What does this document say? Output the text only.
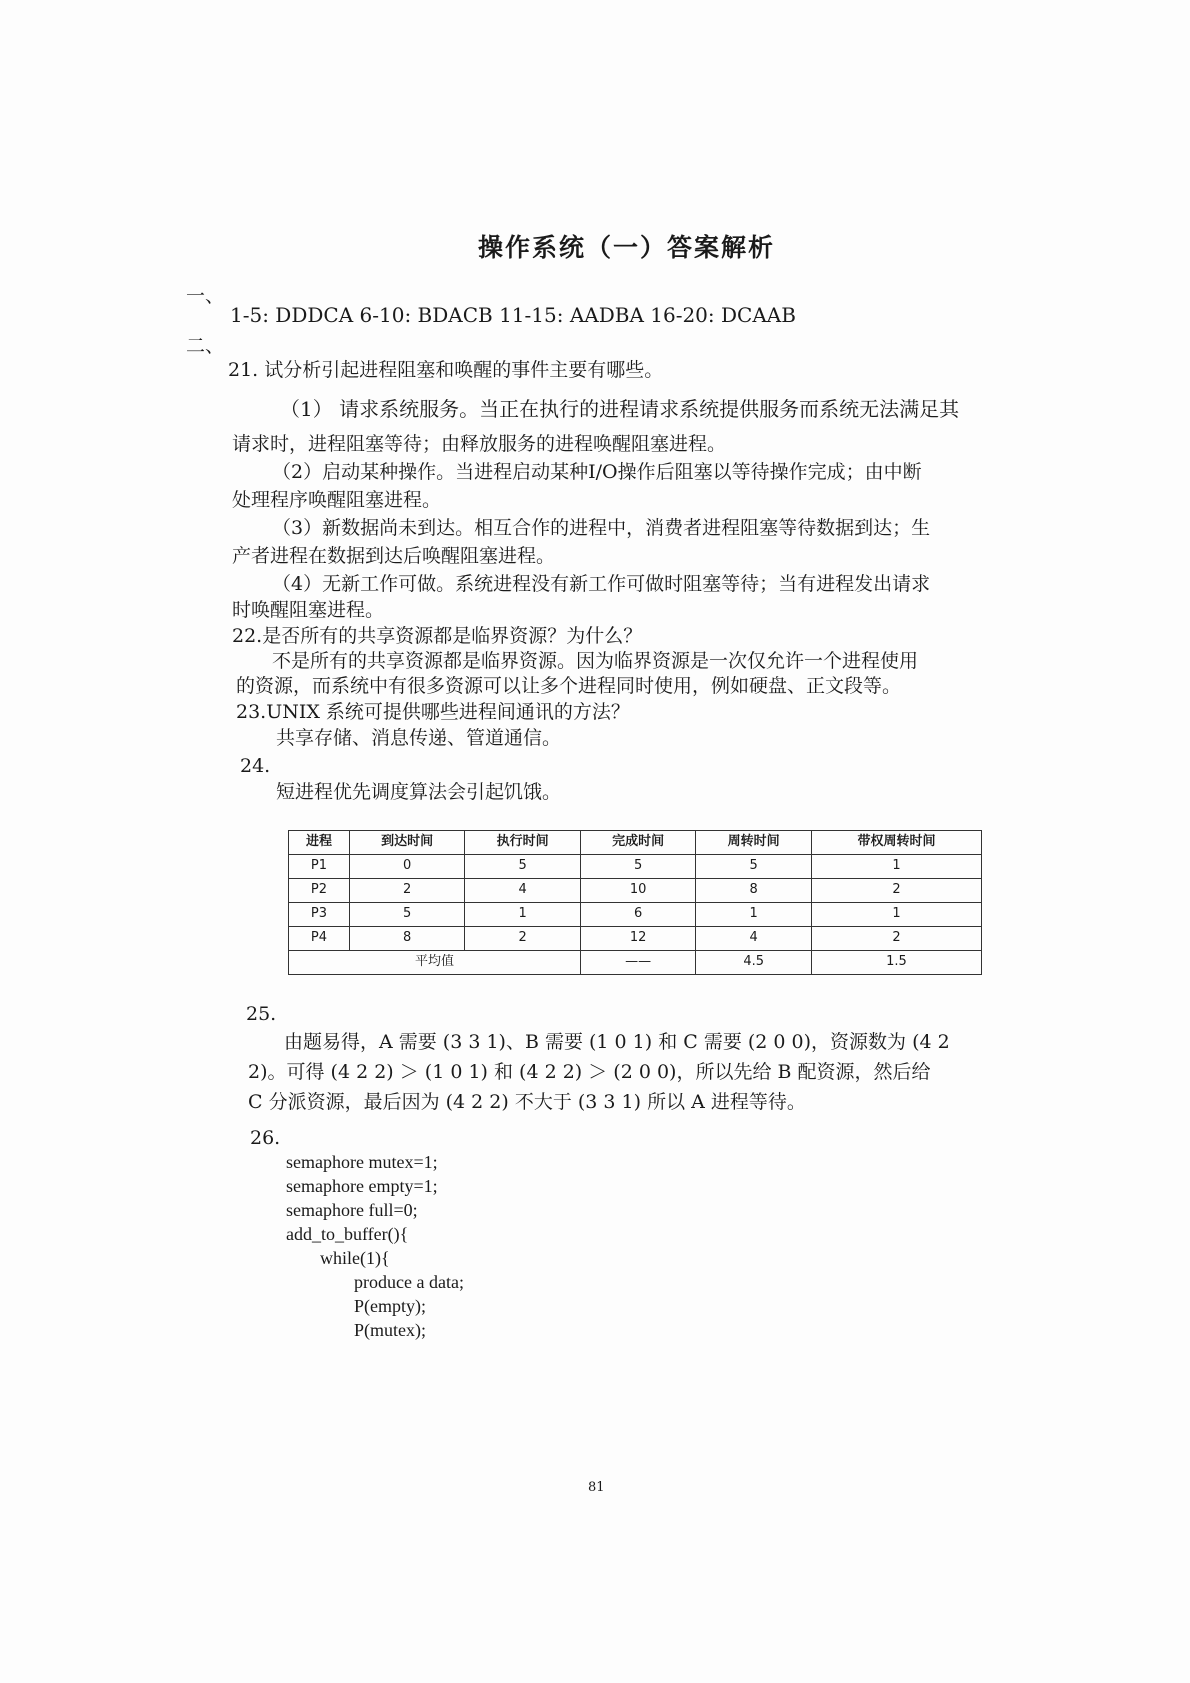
操作系统（一）答案解析
一、
1-5: DDDCA 6-10: BDACB 11-15: AADBA 16-20: DCAAB
二、
21. 试分析引起进程阻塞和唤醒的事件主要有哪些。
（1） 请求系统服务。当正在执行的进程请求系统提供服务而系统无法满足其
请求时，进程阻塞等待；由释放服务的进程唤醒阻塞进程。
（2）启动某种操作。当进程启动某种I/O操作后阻塞以等待操作完成；由中断
处理程序唤醒阻塞进程。
（3）新数据尚未到达。相互合作的进程中，消费者进程阻塞等待数据到达；生
产者进程在数据到达后唤醒阻塞进程。
（4）无新工作可做。系统进程没有新工作可做时阻塞等待；当有进程发出请求
时唤醒阻塞进程。
22.是否所有的共享资源都是临界资源？为什么？
不是所有的共享资源都是临界资源。因为临界资源是一次仅允许一个进程使用
的资源，而系统中有很多资源可以让多个进程同时使用，例如硬盘、正文段等。
23.UNIX 系统可提供哪些进程间通讯的方法？
共享存储、消息传递、管道通信。
24.
短进程优先调度算法会引起饥饿。
进程	到达时间	执行时间	完成时间	周转时间	带权周转时间
P1	0	5	5	5	1
P2	2	4	10	8	2
P3	5	1	6	1	1
P4	8	2	12	4	2
平均值			——	4.5	1.5
25.
由题易得，A 需要 (3 3 1)、B 需要 (1 0 1) 和 C 需要 (2 0 0)，资源数为 (4 2
2)。可得 (4 2 2) ＞ (1 0 1) 和 (4 2 2) ＞ (2 0 0)，所以先给 B 配资源，然后给
C 分派资源，最后因为 (4 2 2) 不大于 (3 3 1) 所以 A 进程等待。
26.
semaphore mutex=1;
semaphore empty=1;
semaphore full=0;
add_to_buffer(){
while(1){
produce a data;
P(empty);
P(mutex);
81
